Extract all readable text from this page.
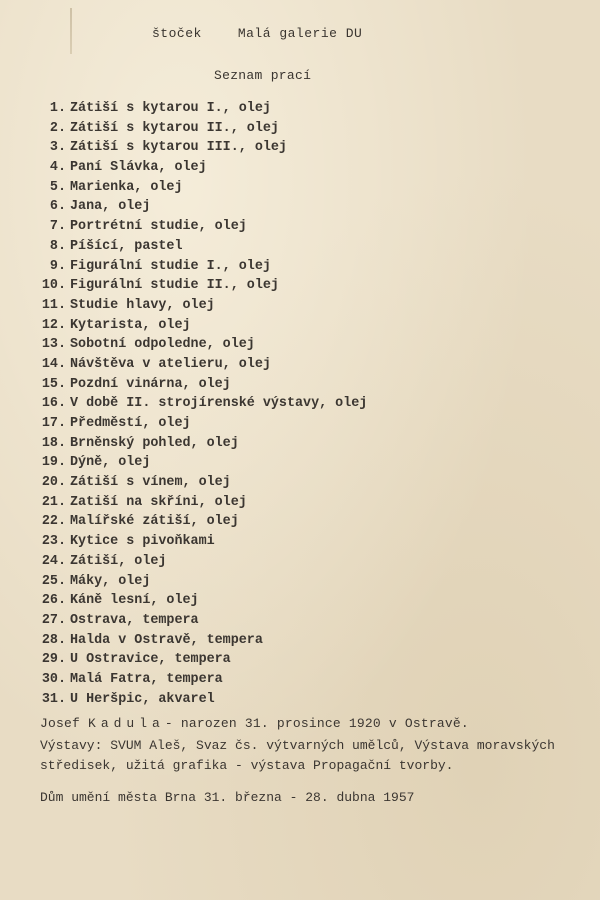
štoček	Malá galerie DU
Seznam prací
1. Zátiší s kytarou I., olej
2. Zátiší s kytarou II., olej
3. Zátiší s kytarou III., olej
4. Paní Slávka, olej
5. Marienka, olej
6. Jana, olej
7. Portrétní studie, olej
8. Píšící, pastel
9. Figurální studie I., olej
10. Figurální studie II., olej
11. Studie hlavy, olej
12. Kytarista, olej
13. Sobotní odpoledne, olej
14. Návštěva v atelieru, olej
15. Pozdní vinárna, olej
16. V době II. strojírenské výstavy, olej
17. Předměstí, olej
18. Brněnský pohled, olej
19. Dýně, olej
20. Zátiší s vínem, olej
21. Zatiší na skříni, olej
22. Malířské zátiší, olej
23. Kytice s pivoňkami
24. Zátiší, olej
25. Máky, olej
26. Káně lesní, olej
27. Ostrava, tempera
28. Halda v Ostravě, tempera
29. U Ostravice, tempera
30. Malá Fatra, tempera
31. U Heršpic, akvarel
Josef Kadula- narozen 31. prosince 1920 v Ostravě.
Výstavy: SVUM Aleš, Svaz čs. výtvarných umělců, Výstava moravských
středisek, užitá grafika - výstava Propagační tvorby.
Dům umění města Brna 31. března - 28. dubna 1957
